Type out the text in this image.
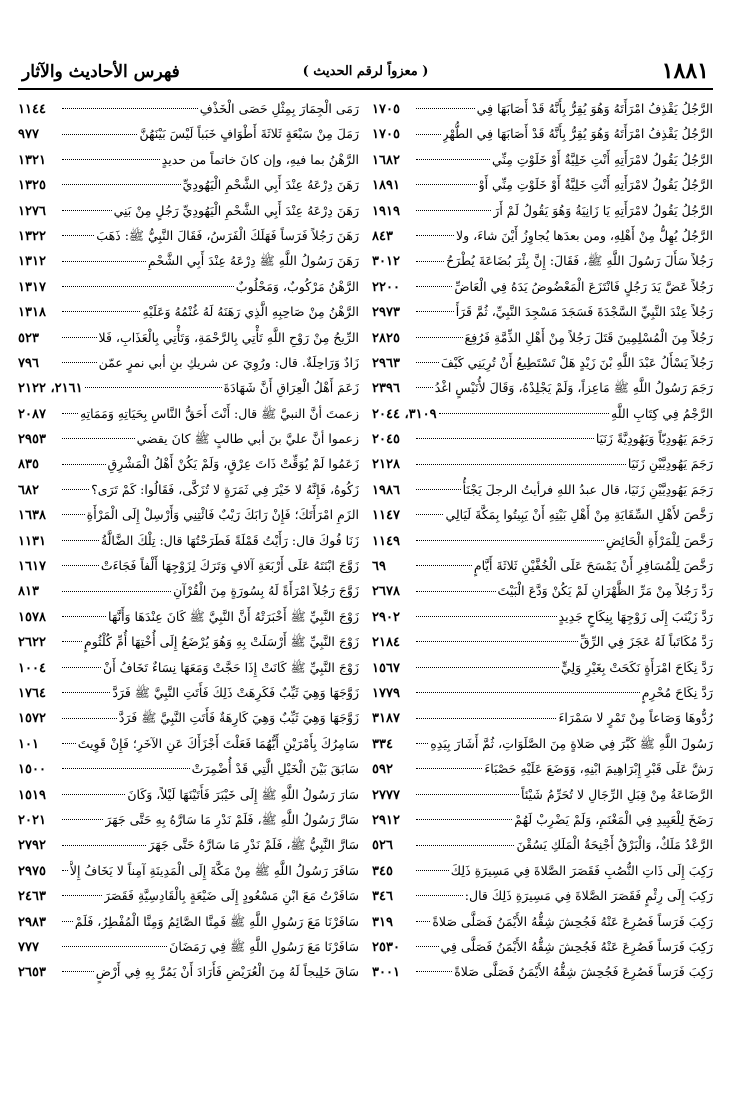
١٨٨١
( معزواً لرقم الحديث )
فهرس الأحاديث والآثار
الرَّجُلُ يَقْذِفُ امْرَأَتَهُ وَهُوَ يُقِرُّ بِأَنَّهُ قَدْ أَصَابَهَا فِي
١٧٠٥
الرَّجُلُ يَقْذِفُ امْرَأَتَهُ وَهُوَ يُقِرُّ بِأَنَّهُ قَدْ أَصَابَهَا فِي الطُّهْرِ
١٧٠٥
الرَّجُلُ يَقُولُ لامْرَأَتِهِ أَنْتِ خَلِيَّةٌ أَوْ خَلَوْتِ مِنِّي
١٦٨٢
الرَّجُلُ يَقُولُ لامْرَأَتِهِ أَنْتِ خَلِيَّةٌ أَوْ خَلَوْتِ مِنِّي أَوْ
١٨٩١
الرَّجُلُ يَقُولُ لامْرَأَتِهِ يَا زَانِيَةُ وَهُوَ يَقُولُ لَمْ أَرَ
١٩١٩
الرَّجُلُ يُهِلُّ مِنْ أَهْلِهِ، ومن بعدَها يُجاوِزُ أَيْنَ شاءَ، ولا
٨٤٣
رَجُلاً سَأَلَ رَسُولَ اللَّهِ ﷺ، فَقَالَ: إِنَّ بِئْرَ بُضَاعَةَ يُطْرَحُ
٣٠١٢
رَجُلاً عَضَّ يَدَ رَجُلٍ فَانْتَزَعَ الْمَعْضُوضُ يَدَهُ فِي الْعَاضِّ
٢٢٠٠
رَجُلاً عِنْدَ النَّبِيِّ السَّجْدَةَ فَسَجَدَ مَسْجِدَ النَّبِيِّ، ثُمَّ قَرَأَ
٢٩٧٣
رَجُلاً مِنَ الْمُسْلِمِينَ قَتَلَ رَجُلاً مِنْ أَهْلِ الذِّمَّةِ فَرُفِعَ
٢٨٢٥
رَجُلاً يَسْأَلُ عَبْدَ اللَّهِ بْنَ زَيْدٍ هَلْ تَسْتَطِيعُ أَنْ تُرِيَنِي كَيْفَ
٢٩٦٣
رَجَمَ رَسُولُ اللَّهِ ﷺ مَاعِزاً، وَلَمْ يَجْلِدْهُ، وَقَالَ لأُنَيْسٍ اغْدُ
٢٣٩٦
الرَّجْمُ فِي كِتَابِ اللَّهِ
٣١٠٩، ٢٠٤٤
رَجَمَ يَهُودِيّاً وَيَهُودِيَّةً زَنَيَا
٢٠٤٥
رَجَمَ يَهُودِيَّيْنِ زَنَيَا
٢١٢٨
رَجَمَ يَهُودِيَّيْنِ زَنَيَا، قال عبدُ اللهِ فرأيتُ الرجلَ يَجْنَأُ
١٩٨٦
رَخَّصَ لأَهْلِ السِّقَايَةِ مِنْ أَهْلِ بَيْتِهِ أَنْ يَبِيتُوا بِمَكَّةَ لَيَالِي
١١٤٧
رَخَّصَ لِلْمَرْأَةِ الْحَائِضِ
١١٤٩
رَخَّصَ لِلْمُسَافِرِ أَنْ يَمْسَحَ عَلَى الْخُفَّيْنِ ثَلاثَةَ أَيَّامٍ
٦٩
رَدَّ رَجُلاً مِنْ مَرِّ الظَّهْرَانِ لَمْ يَكُنْ وَدَّعَ الْبَيْتَ
٢٦٧٨
رَدَّ زَيْنَبَ إِلَى زَوْجِهَا بِنِكَاحٍ جَدِيدٍ
٢٩٠٢
رَدَّ مُكَاتَباً لَهُ عَجَزَ فِي الرِّقِّ
٢١٨٤
رَدَّ نِكَاحَ امْرَأَةٍ نَكَحَتْ بِغَيْرِ وَلِيٍّ
١٥٦٧
رَدَّ نِكَاحَ مُحْرِمٍ
١٧٧٩
رُدُّوهَا وَصَاعاً مِنْ تَمْرٍ لا سَمْرَاءَ
٣١٨٧
رَسُولَ اللَّهِ ﷺ كَبَّرَ فِي صَلاةٍ مِنَ الصَّلَوَاتِ، ثُمَّ أَشَارَ بِيَدِهِ
٣٣٤
رَشَّ عَلَى قَبْرِ إِبْرَاهِيمَ ابْنِهِ، وَوَضَعَ عَلَيْهِ حَصْبَاءَ
٥٩٢
الرَّضَاعَةُ مِنْ قِبَلِ الرِّجَالِ لا تُحَرِّمُ شَيْئاً
٢٧٧٧
رَضَخَ لِلْعَبِيدِ فِي الْمَغْنَمِ، وَلَمْ يَضْرِبْ لَهُمْ
٢٩١٢
الرَّعْدُ مَلَكٌ، وَالْبَرْقُ أَجْنِحَةُ الْمَلَكِ يَسُقْنَ
٥٢٦
رَكِبَ إِلَى ذَاتِ النُّصُبِ فَقَصَرَ الصَّلاةَ فِي مَسِيرَةِ ذَلِكَ
٣٤٥
رَكِبَ إِلَى رِئْمٍ فَقَصَرَ الصَّلاةَ فِي مَسِيرَةِ ذَلِكَ قال:
٣٤٦
رَكِبَ فَرَساً فَصُرِعَ عَنْهُ فَجُحِشَ شِقُّهُ الأَيْمَنُ فَصَلَّى صَلاةً
٣١٩
رَكِبَ فَرَساً فَصُرِعَ عَنْهُ فَجُحِشَ شِقُّهُ الأَيْمَنُ فَصَلَّى فِي
٢٥٣٠
رَكِبَ فَرَساً فَصُرِعَ فَجُحِشَ شِقُّهُ الأَيْمَنُ فَصَلَّى صَلاةً
٣٠٠١
رَمَى الْجِمَارَ بِمِثْلِ حَصَى الْخَذْفِ
١١٤٤
رَمَلَ مِنْ سَبْعَةٍ ثَلاثَةَ أَطْوَافٍ خَبَباً لَيْسَ بَيْنَهُنَّ
٩٧٧
الرَّهْنُ بما فيهِ، وإن كانَ خاتماً من حديدٍ
١٣٢١
رَهَنَ دِرْعَهُ عِنْدَ أَبِي الشَّحْمِ الْيَهُودِيِّ
١٣٢٥
رَهَنَ دِرْعَهُ عِنْدَ أَبِي الشَّحْمِ الْيَهُودِيِّ رَجُلٍ مِنْ بَنِي
١٢٧٦
رَهَنَ رَجُلاً فَرَساً فَهَلَكَ الْفَرَسُ، فَقَالَ النَّبِيُّ ﷺ: ذَهَبَ
١٣٢٢
رَهَنَ رَسُولُ اللَّهِ ﷺ دِرْعَهُ عِنْدَ أَبِي الشَّحْمِ
١٣١٢
الرَّهْنُ مَرْكُوبٌ، وَمَحْلُوبٌ
١٣١٧
الرَّهْنُ مِنْ صَاحِبِهِ الَّذِي رَهَنَهُ لَهُ غُنْمُهُ وَعَلَيْهِ
١٣١٨
الرِّيحُ مِنْ رَوْحِ اللَّهِ تَأْتِي بِالرَّحْمَةِ، وَتَأْتِي بِالْعَذَابِ، فَلا
٥٢٣
زَادٌ وَرَاحِلَةٌ. قال: ورُوِيَ عن شريكِ بنِ أبي نمرٍ عمّن
٧٩٦
زَعَمَ أَهْلُ الْعِرَاقِ أَنَّ شَهَادَةَ
٢١٦١، ٢١٢٢
زعمتَ أنَّ النبيَّ ﷺ قال: أَنْتَ أَحَقُّ النَّاسِ بِحَيَاتِهِ وَمَمَاتِهِ
٢٠٨٧
زعموا أنَّ عليَّ بنَ أبي طالبٍ ﷺ كانَ يقضي
٢٩٥٣
زَعَمُوا لَمْ يُوَقِّتْ ذَاتَ عِرْقٍ، وَلَمْ يَكُنْ أَهْلُ الْمَشْرِقِ
٨٣٥
زَكُوهُ، فَإِنَّهُ لا خَيْرَ فِي ثَمَرَةٍ لا تُزَكَّى، فَقَالُوا: كَمْ تَرَى؟
٦٨٢
الزَمِ امْرَأَتَكَ؛ فَإِنْ رَابَكَ رَيْبٌ فَائْتِنِي وَأَرْسِلْ إِلَى الْمَرْأَةِ
١٦٣٨
زَنَا فُوكَ قال: رَأَيْتُ قَمْلَةً فَطَرَحْتُهَا قال: تِلْكَ الضَّالَّةُ
١١٣١
زَوَّجَ ابْنَتَهُ عَلَى أَرْبَعَةِ آلافٍ وَتَرَكَ لِزَوْجِهَا أَلْفاً فَجَاءَتْ
١٦١٧
زَوَّجَ رَجُلاً امْرَأَةً لَهُ بِسُورَةٍ مِنَ الْقُرْآنِ
٨١٣
زَوْجَ النَّبِيِّ ﷺ أَخْبَرَتْهُ أَنَّ النَّبِيَّ ﷺ كَانَ عِنْدَهَا وَأَنَّهَا
١٥٧٨
زَوْجَ النَّبِيِّ ﷺ أَرْسَلَتْ بِهِ وَهُوَ يُرْضَعُ إِلَى أُخْتِهَا أُمِّ كُلْثُومٍ
٢٦٢٢
زَوْجَ النَّبِيِّ ﷺ كَانَتْ إِذَا حَجَّتْ وَمَعَهَا نِسَاءٌ تَخَافُ أَنْ
١٠٠٤
زَوَّجَهَا وَهِيَ ثَيِّبٌ فَكَرِهَتْ ذَلِكَ فَأَتَتِ النَّبِيَّ ﷺ فَرَدَّ
١٧٦٤
زَوَّجَهَا وَهِيَ ثَيِّبٌ وَهِيَ كَارِهَةٌ فَأَتَتِ النَّبِيَّ ﷺ فَرَدَّ
١٥٧٢
سَامِرُكَ بِأَمْرَيْنِ أَيُّهُمَا فَعَلْتَ أَجْزَأَكَ عَنِ الآخَرِ؛ فَإِنْ قَوِيتَ
١٠١
سَابَقَ بَيْنَ الْخَيْلِ الَّتِي قَدْ أُضْمِرَتْ
١٥٠٠
سَارَ رَسُولُ اللَّهِ ﷺ إِلَى خَيْبَرَ فَأَتَيْنَهَا لَيْلاً، وَكَانَ
١٥١٩
سَارَّ رَسُولُ اللَّهِ ﷺ، فَلَمْ نَدْرِ مَا سَارَّهُ بِهِ حَتَّى جَهَرَ
٢٠٢١
سَارَّ النَّبِيُّ ﷺ، فَلَمْ نَدْرِ مَا سَارَّهُ حَتَّى جَهَرَ
٢٧٩٢
سَافَرَ رَسُولُ اللَّهِ ﷺ مِنْ مَكَّةَ إِلَى الْمَدِينَةِ آمِناً لا يَخَافُ إِلاَّ
٢٩٧٥
سَافَرْتُ مَعَ ابْنِ مَسْعُودٍ إِلَى ضَيْعَةٍ بِالْقَادِسِيَّةِ فَقَصَرَ
٢٤٦٣
سَافَرْنَا مَعَ رَسُولِ اللَّهِ ﷺ فَمِنَّا الصَّائِمُ وَمِنَّا الْمُفْطِرُ، فَلَمْ
٢٩٨٣
سَافَرْنَا مَعَ رَسُولِ اللَّهِ ﷺ فِي رَمَضَانَ
٧٧٧
سَاقَ خَلِيجاً لَهُ مِنَ الْعُرَيْضِ فَأَرَادَ أَنْ يَمُرَّ بِهِ فِي أَرْضٍ
٢٦٥٣
